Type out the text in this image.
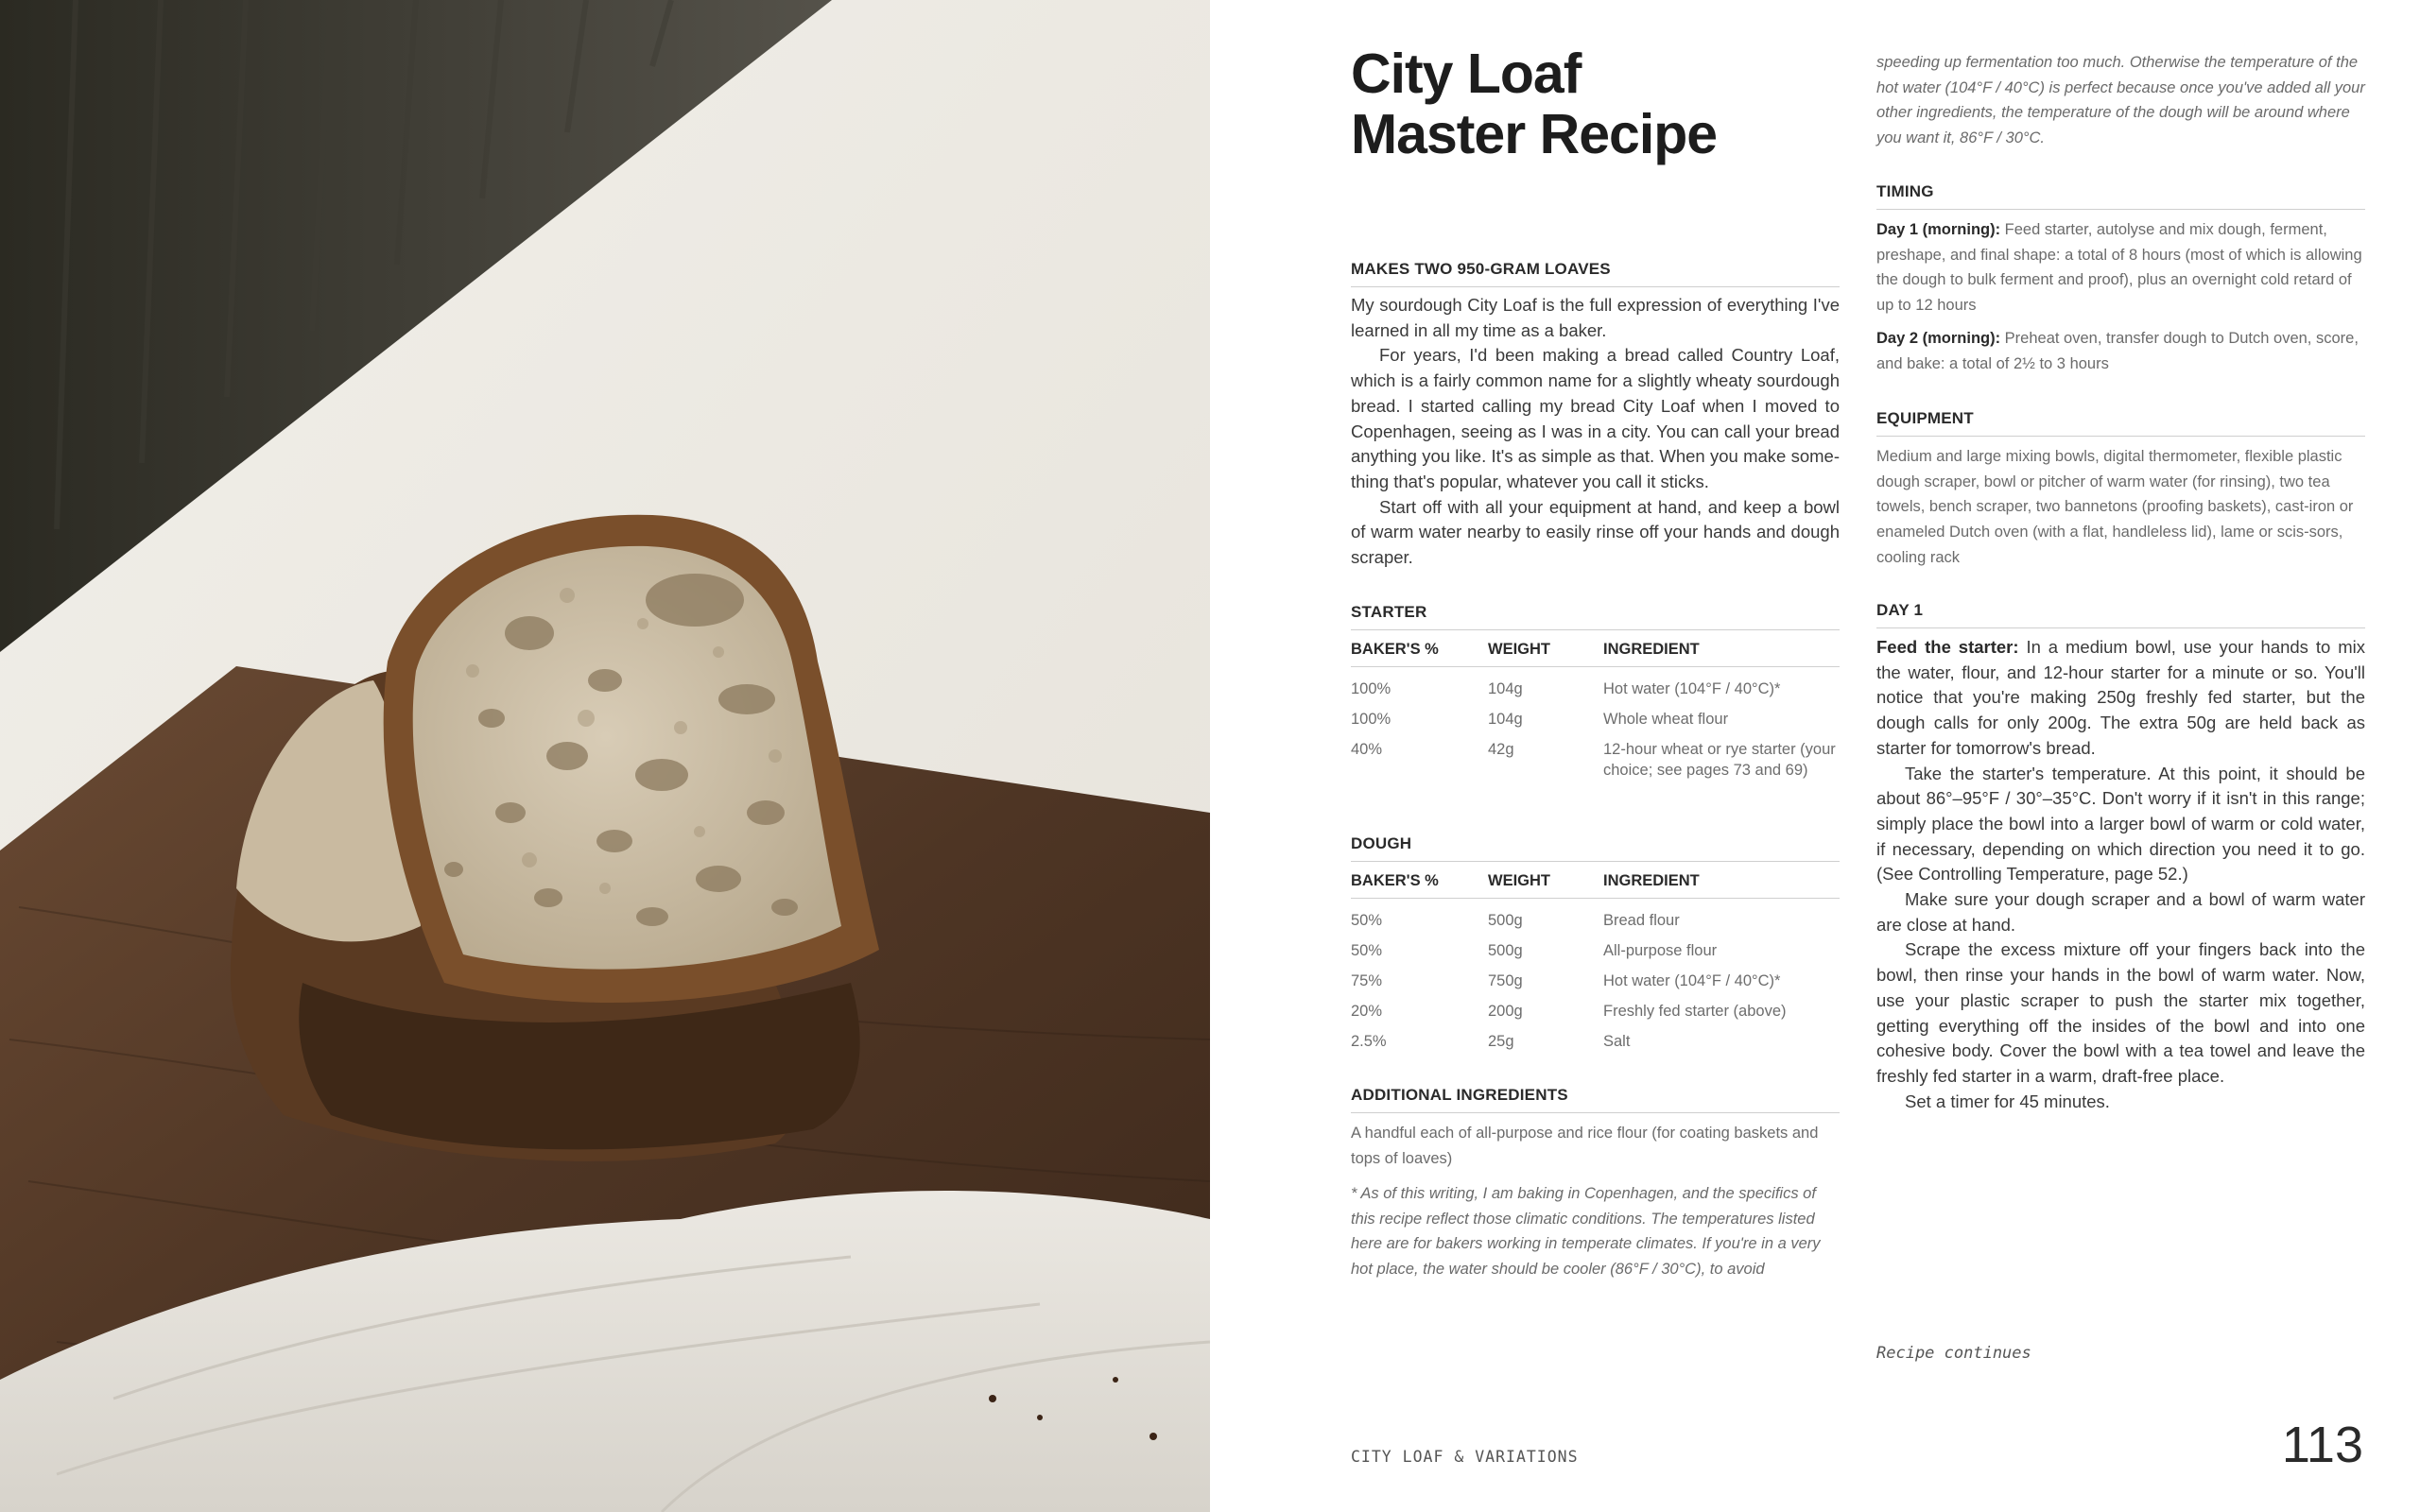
City Loaf
Master Recipe
MAKES TWO 950-GRAM LOAVES

My sourdough City Loaf is the full expression of everything I've learned in all my time as a baker.

For years, I'd been making a bread called Country Loaf, which is a fairly common name for a slightly wheaty sourdough bread. I started calling my bread City Loaf when I moved to Copenhagen, seeing as I was in a city. You can call your bread anything you like. It's as simple as that. When you make some-thing that's popular, whatever you call it sticks.

Start off with all your equipment at hand, and keep a bowl of warm water nearby to easily rinse off your hands and dough scraper.

STARTER
BAKER'S %	WEIGHT	INGREDIENT
100%	104g	Hot water (104°F / 40°C)*
100%	104g	Whole wheat flour
40%	42g	12-hour wheat or rye starter (your choice; see pages 73 and 69)
DOUGH
BAKER'S %	WEIGHT	INGREDIENT
50%	500g	Bread flour
50%	500g	All-purpose flour
75%	750g	Hot water (104°F / 40°C)*
20%	200g	Freshly fed starter (above)
2.5%	25g	Salt
ADDITIONAL INGREDIENTS

A handful each of all-purpose and rice flour (for coating baskets and tops of loaves)

* As of this writing, I am baking in Copenhagen, and the specifics of this recipe reflect those climatic conditions. The temperatures listed here are for bakers working in temperate climates. If you're in a very hot place, the water should be cooler (86°F / 30°C), to avoid

CITY LOAF & VARIATIONS

speeding up fermentation too much. Otherwise the temperature of the hot water (104°F / 40°C) is perfect because once you've added all your other ingredients, the temperature of the dough will be around where you want it, 86°F / 30°C.
TIMING

Day 1 (morning): Feed starter, autolyse and mix dough, ferment, preshape, and final shape: a total of 8 hours (most of which is allowing the dough to bulk ferment and proof), plus an overnight cold retard of up to 12 hours

Day 2 (morning): Preheat oven, transfer dough to Dutch oven, score, and bake: a total of 2½ to 3 hours

EQUIPMENT

Medium and large mixing bowls, digital thermometer, flexible plastic dough scraper, bowl or pitcher of warm water (for rinsing), two tea towels, bench scraper, two bannetons (proofing baskets), cast-iron or enameled Dutch oven (with a flat, handleless lid), lame or scis-sors, cooling rack

DAY 1

Feed the starter: In a medium bowl, use your hands to mix the water, flour, and 12-hour starter for a minute or so. You'll notice that you're making 250g freshly fed starter, but the dough calls for only 200g. The extra 50g are held back as starter for tomorrow's bread.

Take the starter's temperature. At this point, it should be about 86°–95°F / 30°–35°C. Don't worry if it isn't in this range; simply place the bowl into a larger bowl of warm or cold water, if necessary, depending on which direction you need it to go. (See Controlling Temperature, page 52.)

Make sure your dough scraper and a bowl of warm water are close at hand.

Scrape the excess mixture off your fingers back into the bowl, then rinse your hands in the bowl of warm water. Now, use your plastic scraper to push the starter mix together, getting everything off the insides of the bowl and into one cohesive body. Cover the bowl with a tea towel and leave the freshly fed starter in a warm, draft-free place.

Set a timer for 45 minutes.

Recipe continues

113
